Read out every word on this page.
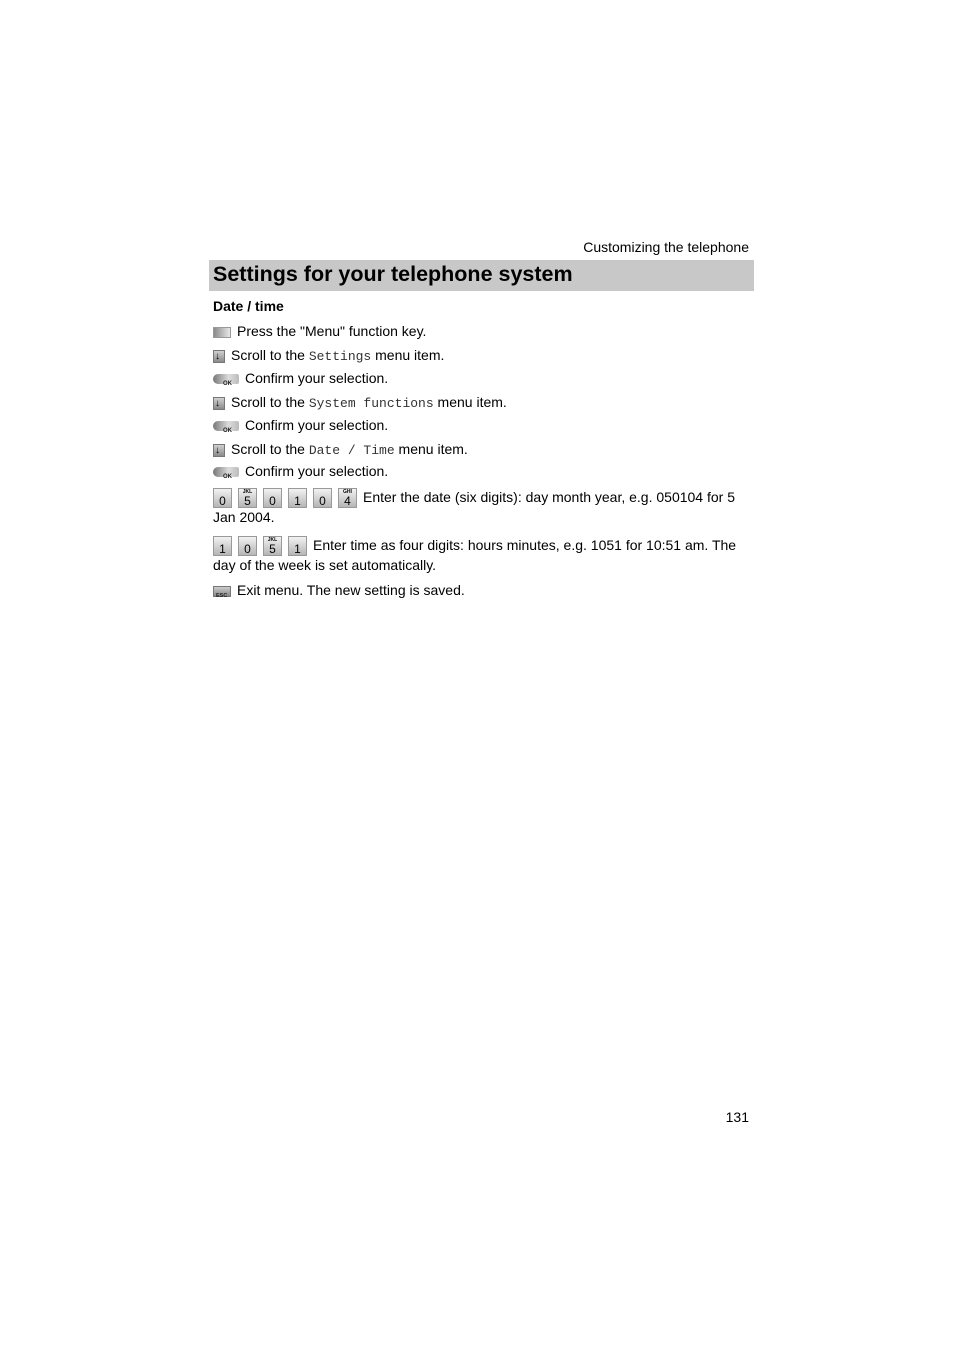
Customizing the telephone
Settings for your telephone system
Date / time
Press the "Menu" function key.
↓Scroll to the Settings menu item.
OKConfirm your selection.
↓Scroll to the System functions menu item.
OKConfirm your selection.
↓Scroll to the Date / Time menu item.
OKConfirm your selection.
0
JKL
5	0	1	0
GHI
4 Enter the date (six digits): day month year, e.g. 050104 for 5 Jan 2004.
1	0
JKL
5	1 Enter time as four digits: hours minutes, e.g. 1051 for 10:51 am. The day of the week is set automatically.
ESCExit menu. The new setting is saved.
131
